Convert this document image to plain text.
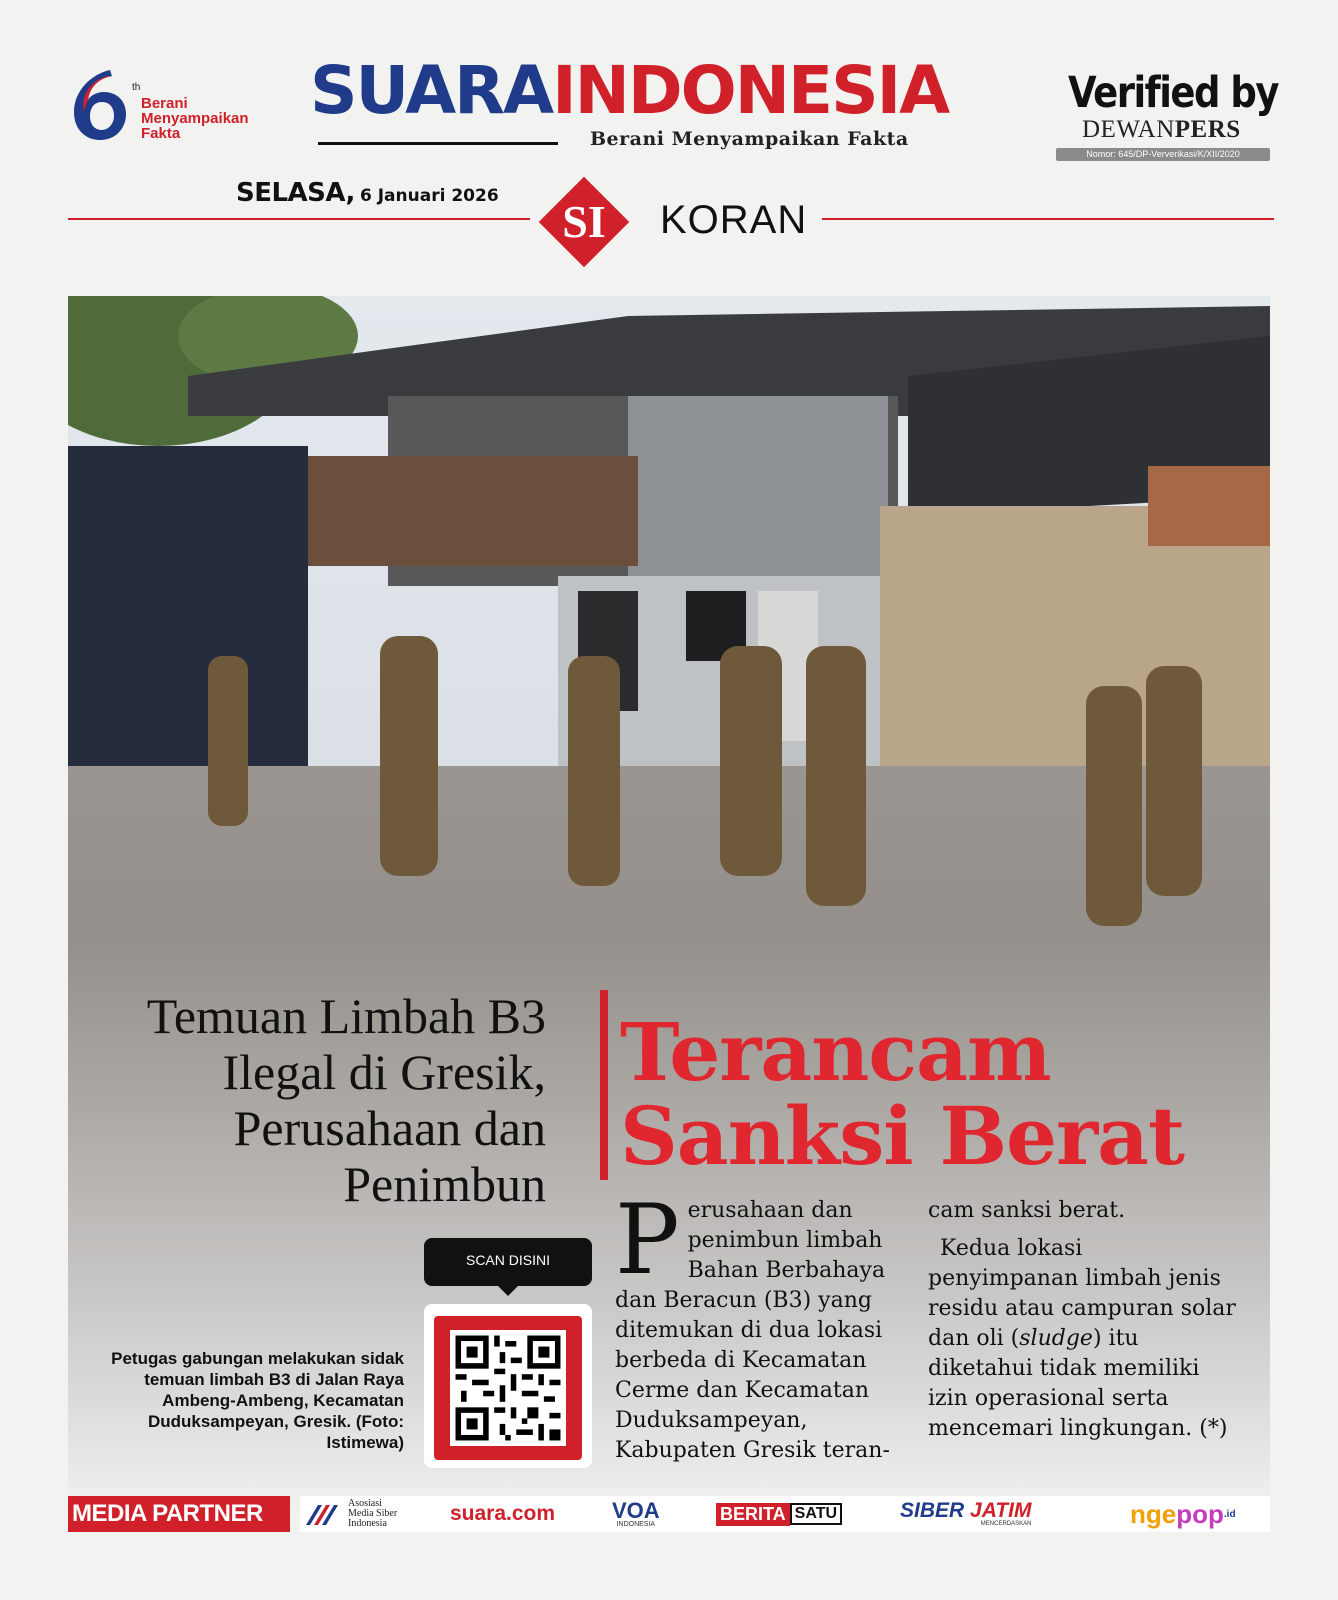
th
Berani Menyampaikan Fakta
SUARAINDONESIA
Berani Menyampaikan Fakta
Verified by
DEWANPERS
Nomor: 645/DP-Ververikasi/K/XII/2020
SELASA, 6 Januari 2026	SI	KORAN
Temuan Limbah B3 Ilegal di Gresik, Perusahaan dan Penimbun
Terancam Sanksi Berat
Perusahaan dan penimbun limbah Bahan Berbahaya dan Beracun (B3) yang ditemukan di dua lokasi berbeda di Kecamatan Cerme dan Kecamatan Duduksampeyan, Kabupaten Gresik teran-

cam sanksi berat.

Kedua lokasi penyimpanan limbah jenis residu atau campuran solar dan oli (sludge) itu diketahui tidak memiliki izin operasional serta mencemari lingkungan. (*)

Petugas gabungan melakukan sidak temuan limbah B3 di Jalan Raya Ambeng-Ambeng, Kecamatan Duduksampeyan, Gresik. (Foto: Istimewa)
SCAN DISINI
MEDIA PARTNER	Asosiasi
Media Siber
Indonesia	suara.com	VOA
INDONESIA
BERITA SATU	SIBER JATIM
MENCERDASKAN	nge pop .id
